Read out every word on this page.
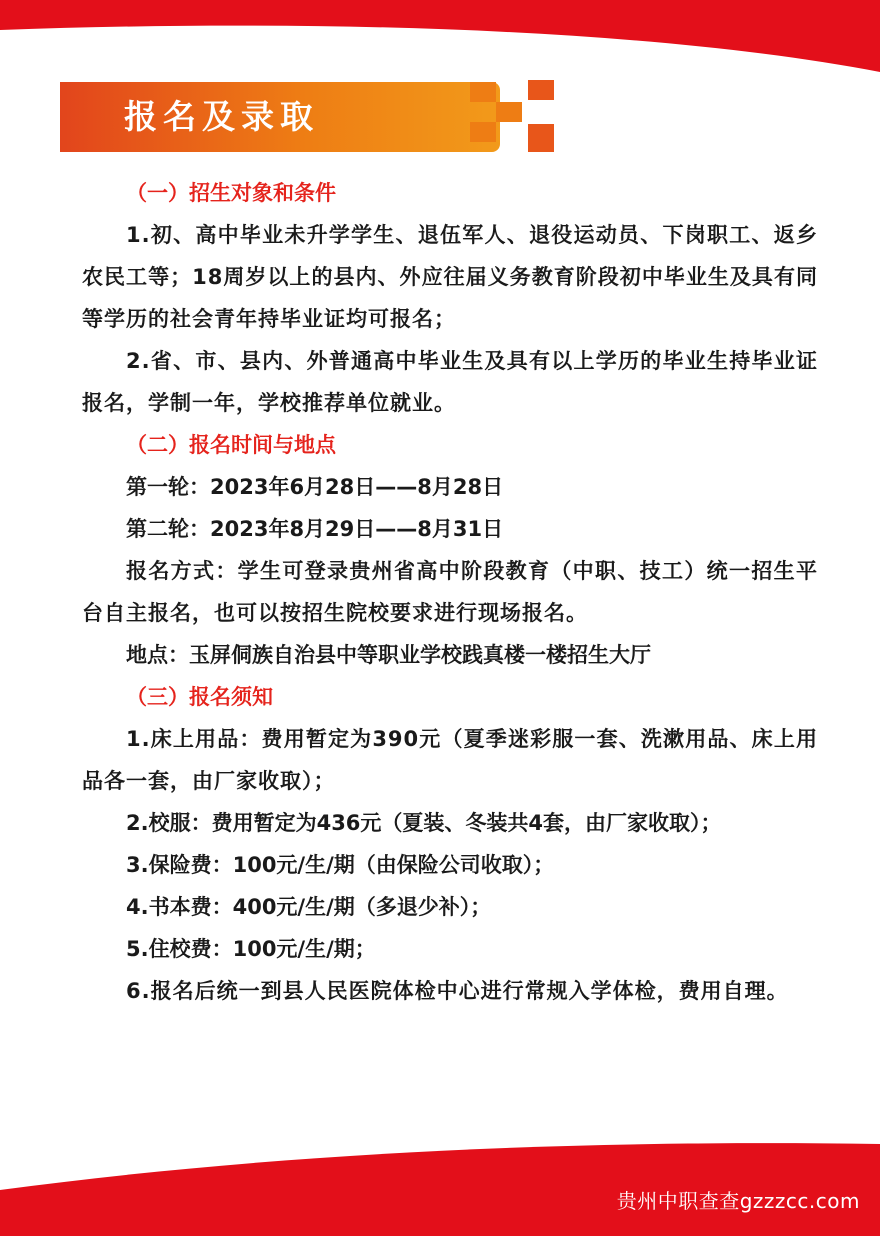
报名及录取
（一）招生对象和条件

1.初、高中毕业未升学学生、退伍军人、退役运动员、下岗职工、返乡农民工等；18周岁以上的县内、外应往届义务教育阶段初中毕业生及具有同等学历的社会青年持毕业证均可报名；

2.省、市、县内、外普通高中毕业生及具有以上学历的毕业生持毕业证报名，学制一年，学校推荐单位就业。

（二）报名时间与地点
第一轮：2023年6月28日——8月28日
第二轮：2023年8月29日——8月31日

报名方式：学生可登录贵州省高中阶段教育（中职、技工）统一招生平台自主报名，也可以按招生院校要求进行现场报名。

地点：玉屏侗族自治县中等职业学校践真楼一楼招生大厅
（三）报名须知

1.床上用品：费用暂定为390元（夏季迷彩服一套、洗漱用品、床上用品各一套，由厂家收取）；

2.校服：费用暂定为436元（夏装、冬装共4套，由厂家收取）；
3.保险费：100元/生/期（由保险公司收取）；
4.书本费：400元/生/期（多退少补）；
5.住校费：100元/生/期；

6.报名后统一到县人民医院体检中心进行常规入学体检，费用自理。

贵州中职查查gzzzcc.com
